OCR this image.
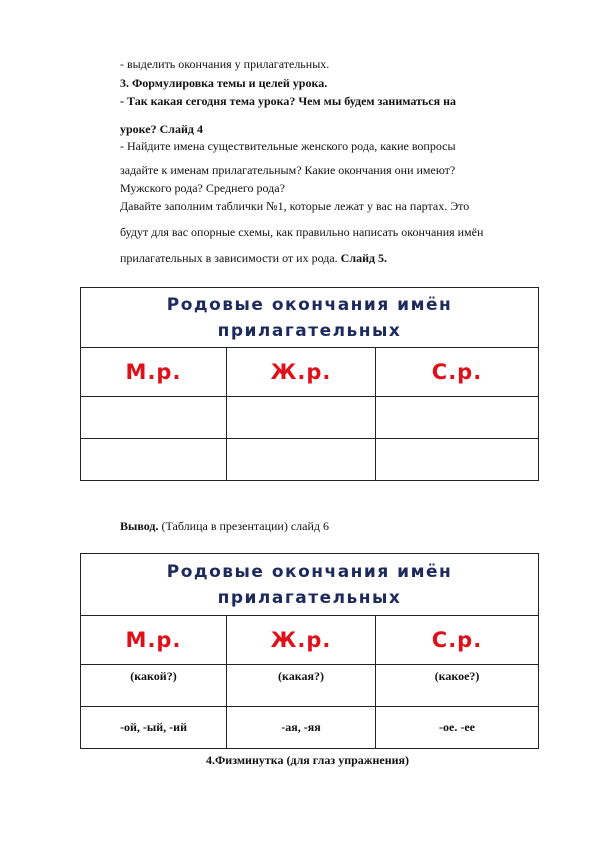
- выделить окончания у прилагательных.
3. Формулировка темы и целей урока.
- Так какая сегодня тема урока? Чем мы будем заниматься на
уроке? Слайд 4
- Найдите имена существительные женского рода, какие вопросы
задайте к именам прилагательным? Какие окончания они имеют?
Мужского рода? Среднего рода?
Давайте заполним таблички №1, которые лежат у вас на партах. Это
будут для вас опорные схемы, как правильно написать окончания имён
прилагательных в зависимости от их рода. Слайд 5.
Родовые окончания имён
прилагательных		

М.р.	Ж.р.	С.р.

Вывод. (Таблица в презентации) слайд 6
Родовые окончания имён
прилагательных		

М.р.	Ж.р.	С.р.
(какой?)	(какая?)	(какое?)
-ой, -ый, -ий	-ая, -яя	-ое. -ее
4.Физминутка (для глаз упражнения)
